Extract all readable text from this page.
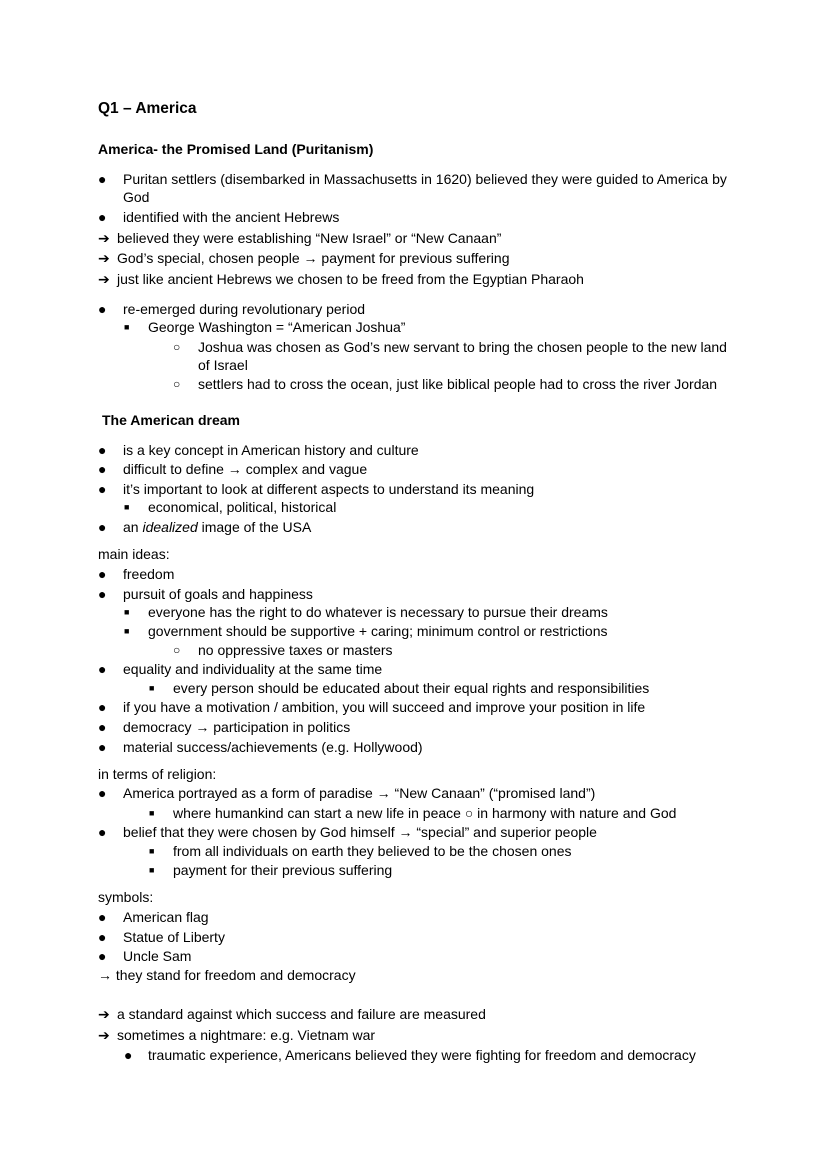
Q1 – America
America- the Promised Land (Puritanism)
● Puritan settlers (disembarked in Massachusetts in 1620) believed they were guided to America by
God
● identified with the ancient Hebrews
➔ believed they were establishing “New Israel” or “New Canaan”
➔ God’s special, chosen people → payment for previous suffering
➔ just like ancient Hebrews we chosen to be freed from the Egyptian Pharaoh
● re-emerged during revolutionary period
■ George Washington = “American Joshua”
○ Joshua was chosen as God’s new servant to bring the chosen people to the new land
of Israel
○ settlers had to cross the ocean, just like biblical people had to cross the river Jordan
The American dream
● is a key concept in American history and culture
● difficult to define → complex and vague
● it’s important to look at different aspects to understand its meaning
■ economical, political, historical
● an idealized image of the USA
main ideas:
● freedom
● pursuit of goals and happiness
■ everyone has the right to do whatever is necessary to pursue their dreams
■ government should be supportive + caring; minimum control or restrictions
○ no oppressive taxes or masters
● equality and individuality at the same time
■ every person should be educated about their equal rights and responsibilities
● if you have a motivation / ambition, you will succeed and improve your position in life
● democracy → participation in politics
● material success/achievements (e.g. Hollywood)
in terms of religion:
● America portrayed as a form of paradise → “New Canaan” (“promised land”)
■ where humankind can start a new life in peace ○ in harmony with nature and God
● belief that they were chosen by God himself → “special” and superior people
■ from all individuals on earth they believed to be the chosen ones
■ payment for their previous suffering
symbols:
● American flag
● Statue of Liberty
● Uncle Sam
→ they stand for freedom and democracy
➔ a standard against which success and failure are measured
➔ sometimes a nightmare: e.g. Vietnam war
● traumatic experience, Americans believed they were fighting for freedom and democracy
